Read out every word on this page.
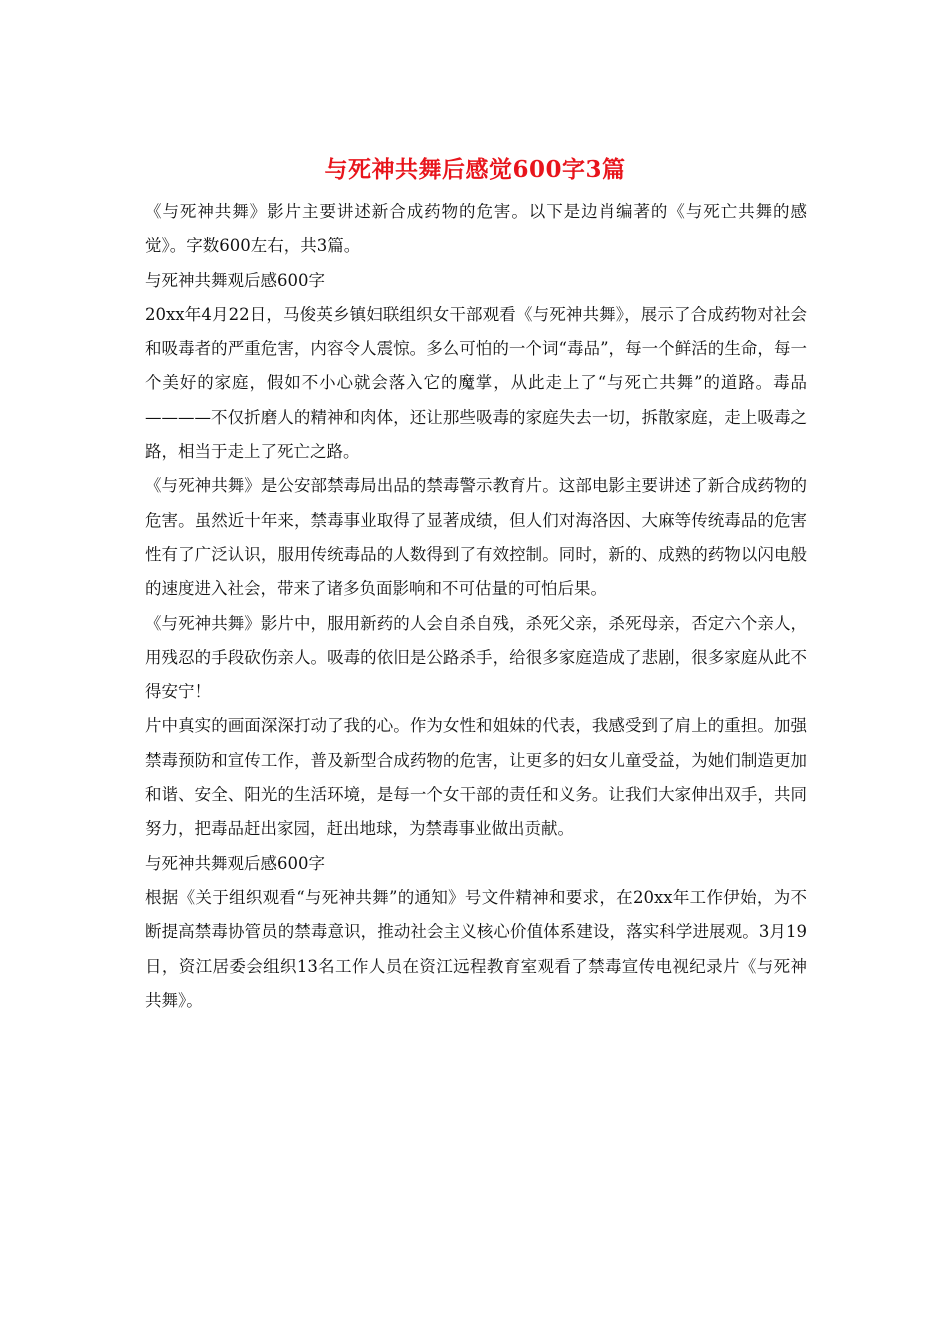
与死神共舞后感觉600字3篇

《与死神共舞》影片主要讲述新合成药物的危害。以下是边肖编著的《与死亡共舞的感觉》。字数600左右，共3篇。

与死神共舞观后感600字

20xx年4月22日，马俊英乡镇妇联组织女干部观看《与死神共舞》，展示了合成药物对社会和吸毒者的严重危害，内容令人震惊。多么可怕的一个词“毒品”，每一个鲜活的生命，每一个美好的家庭，假如不小心就会落入它的魔掌，从此走上了“与死亡共舞”的道路。毒品————不仅折磨人的精神和肉体，还让那些吸毒的家庭失去一切，拆散家庭，走上吸毒之路，相当于走上了死亡之路。

《与死神共舞》是公安部禁毒局出品的禁毒警示教育片。这部电影主要讲述了新合成药物的危害。虽然近十年来，禁毒事业取得了显著成绩，但人们对海洛因、大麻等传统毒品的危害性有了广泛认识，服用传统毒品的人数得到了有效控制。同时，新的、成熟的药物以闪电般的速度进入社会，带来了诸多负面影响和不可估量的可怕后果。

《与死神共舞》影片中，服用新药的人会自杀自残，杀死父亲，杀死母亲，否定六个亲人，用残忍的手段砍伤亲人。吸毒的依旧是公路杀手，给很多家庭造成了悲剧，很多家庭从此不得安宁！

片中真实的画面深深打动了我的心。作为女性和姐妹的代表，我感受到了肩上的重担。加强禁毒预防和宣传工作，普及新型合成药物的危害，让更多的妇女儿童受益，为她们制造更加和谐、安全、阳光的生活环境，是每一个女干部的责任和义务。让我们大家伸出双手，共同努力，把毒品赶出家园，赶出地球，为禁毒事业做出贡献。

与死神共舞观后感600字

根据《关于组织观看“与死神共舞”的通知》号文件精神和要求，在20xx年工作伊始，为不断提高禁毒协管员的禁毒意识，推动社会主义核心价值体系建设，落实科学进展观。3月19日，资江居委会组织13名工作人员在资江远程教育室观看了禁毒宣传电视纪录片《与死神共舞》。
